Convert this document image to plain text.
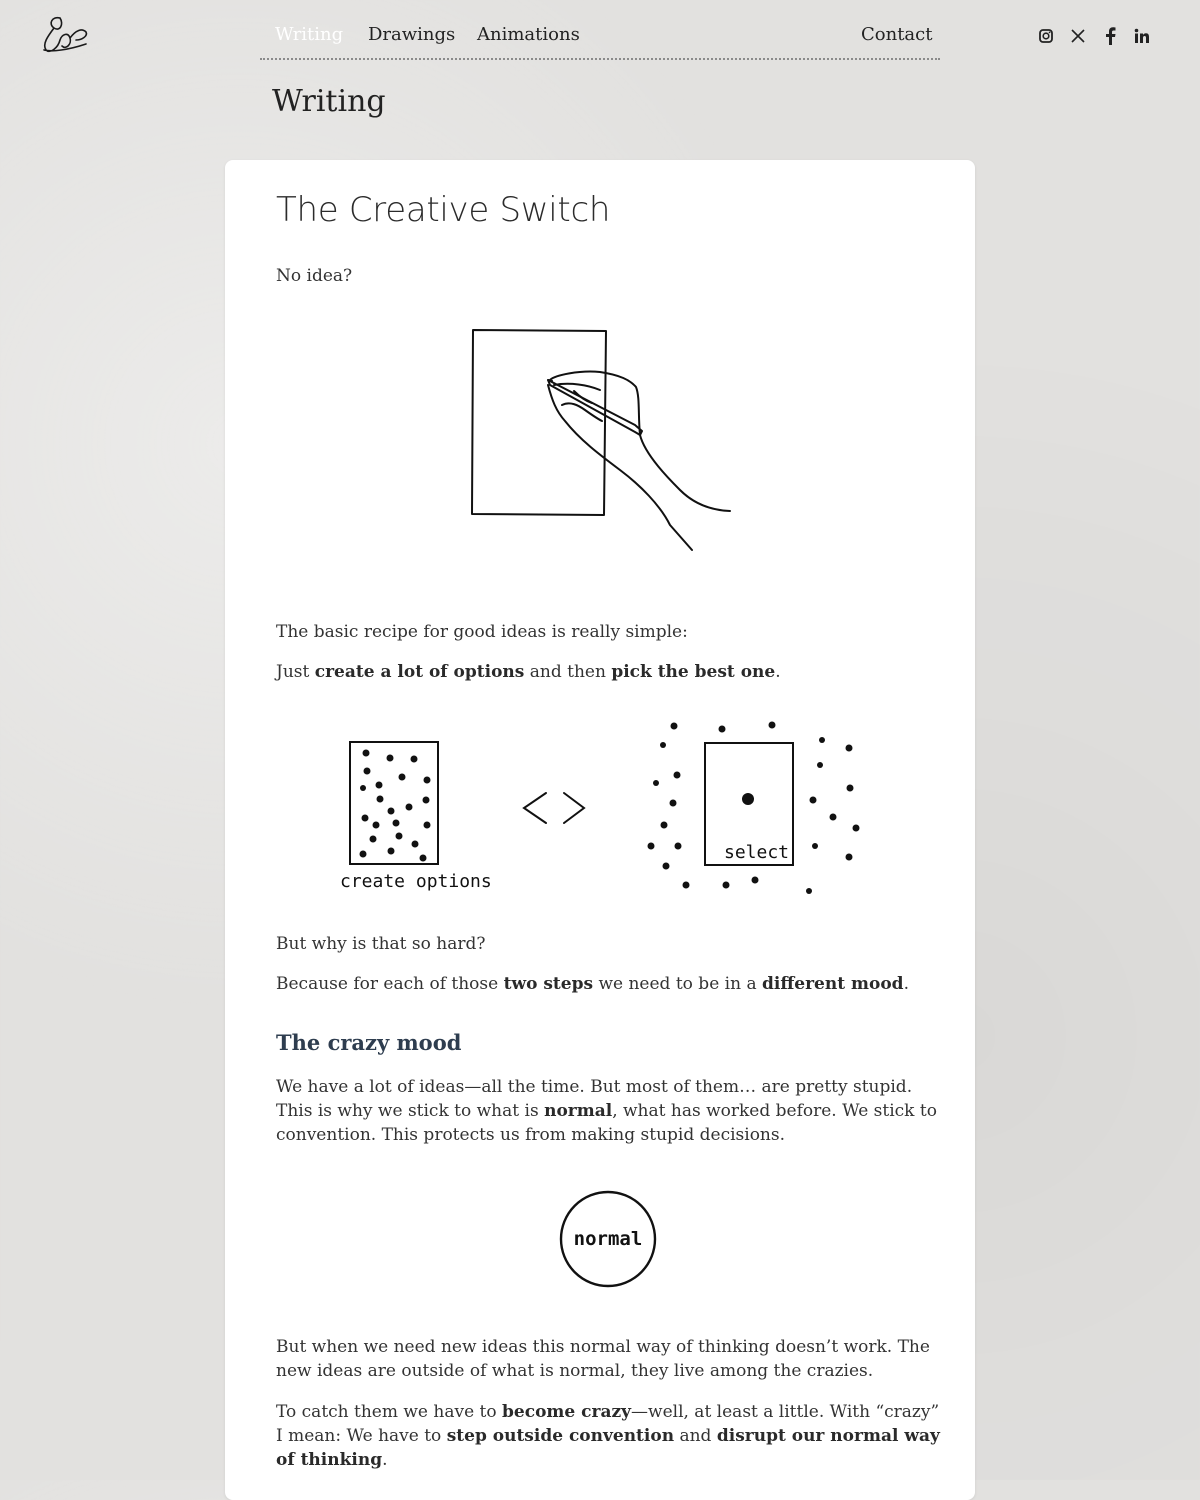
Writing Drawings Animations	Contact
Writing
The Creative Switch

No idea?

The basic recipe for good ideas is really simple:

Just create a lot of options and then pick the best one.

create options
select

But why is that so hard?

Because for each of those two steps we need to be in a different mood.

The crazy mood

We have a lot of ideas—all the time. But most of them… are pretty stupid. This is why we stick to what is normal, what has worked before. We stick to convention. This protects us from making stupid decisions.

normal

But when we need new ideas this normal way of thinking doesn’t work. The new ideas are outside of what is normal, they live among the crazies.

To catch them we have to become crazy—well, at least a little. With “crazy” I mean: We have to step outside convention and disrupt our normal way of thinking.
